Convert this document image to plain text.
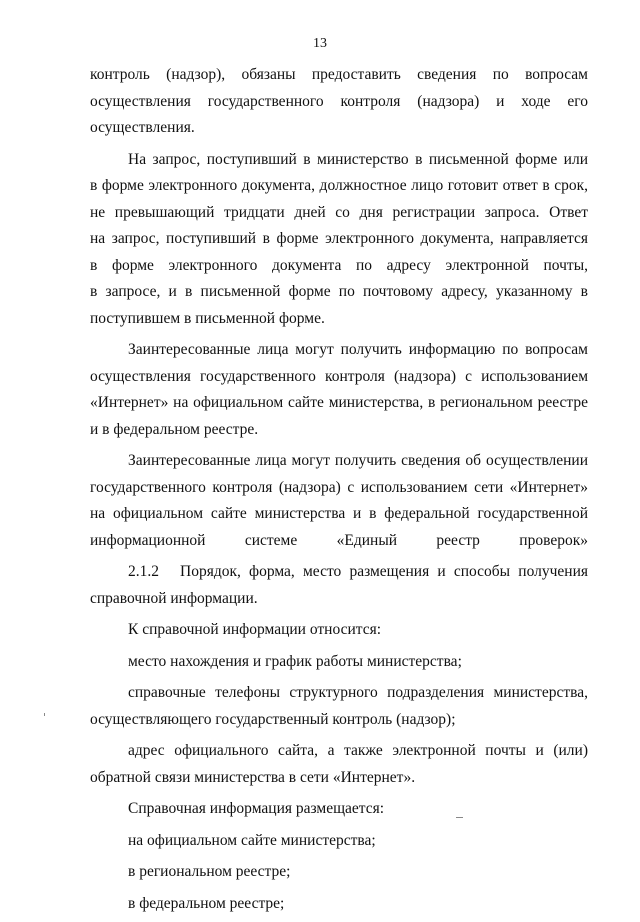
13
контроль (надзор), обязаны предоставить сведения по вопросам
осуществления государственного контроля (надзора) и ходе его
осуществления.
На запрос, поступивший в министерство в письменной форме или
в форме электронного документа, должностное лицо готовит ответ в срок,
не превышающий тридцати дней со дня регистрации запроса. Ответ
на запрос, поступивший в форме электронного документа, направляется
в форме электронного документа по адресу электронной почты,
в запросе, и в письменной форме по почтовому адресу, указанному в
поступившем в письменной форме.
Заинтересованные лица могут получить информацию по вопросам
осуществления государственного контроля (надзора) с использованием
«Интернет» на официальном сайте министерства, в региональном реестре
и в федеральном реестре.
Заинтересованные лица могут получить сведения об осуществлении
государственного контроля (надзора) с использованием сети «Интернет»
на официальном сайте министерства и в федеральной государственной
информационной системе «Единый реестр проверок»
2.1.2 Порядок, форма, место размещения и способы получения
справочной информации.
К справочной информации относится:
место нахождения и график работы министерства;
справочные телефоны структурного подразделения министерства,
осуществляющего государственный контроль (надзор);
адрес официального сайта, а также электронной почты и (или)
обратной связи министерства в сети «Интернет».
Справочная информация размещается:
на официальном сайте министерства;
в региональном реестре;
в федеральном реестре;
